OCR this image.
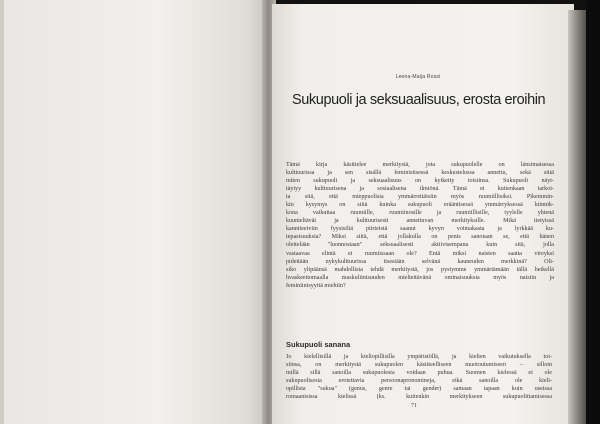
Leena-Maija Rossi
Sukupuoli ja seksuaalisuus, erosta eroihin
Tämä kirja käsittelee merkitystä, jota sukupuolelle on länsimaisessa
kulttuurissa ja sen sisällä feministisessä keskustelussa annettu, sekä siitä
miten sukupuoli ja seksuaalisuus on kytketty toisiinsa. Sukupuoli näyt-
täytyy kulttuurisena ja sosiaalisena ilmiönä. Tämä ei kuitenkaan tarkoi-
ta sitä, että mieppuolisia ymmärrettäisiin myös ruumiillisiksi. Pikemmin-
kin kysymys on siitä kuinka sukupuoli erääntisessä ymmärryksessä kiinnik-
kona vaikuttaa ruumiille, ruumiinosille ja ruumiillisille, tyylelle yhtenä
kuunteltävät ja kulttuurisesti annettuvan merkityksille. Mikä tietyissä
kanniteetviin fyysisiltä piirteistä saanut kyvyn voimakasta ja lyrkkää ku-
tepasisuuksia? Miksi siitä, että jollakulla on penis sanotaan se, että hänen
olettelään "luonnostaan" seksuaalisesti aktiivisempana kuin sitä, jolla
vastaavaa elintä ei ruumiissaan ole? Entä miksi naisten saatta vireyksi
pidettään nykykulttuurissa itsestään selvänä kauneuden merkkinä? Oli-
siko ylipäänsä mahdollista tehdä merkitystä, jos pystymme ymmärtämään tällä hetkellä
hvaskeettomaalla maskuliinisuuden mieltettävänä ominaisuuksia myös naisiin ja
feminiinisyyttä miehiin?
Sukupuoli sanana
Jo kielellisillä ja kieliopillisilla ympäristöllä, ja kielten vaikutuksella toi-
siinsa, on merkitystä sukupuolen käsitteelliseen muotoutumiseen – silloin
millä sillä sanoilla sukupuolesta voidaan puhua. Suomen kielessä ei ole
sukupuolisesta erotettavia persoonapronomineja, eikä sanoilla ole kieli-
opillista "sukua" (genus, genre tai gender) samaan tapaan kuin useissa
romaanisissa kielissä (ks. kuitenkin merkitykseen sukupuolittamisessa
71
